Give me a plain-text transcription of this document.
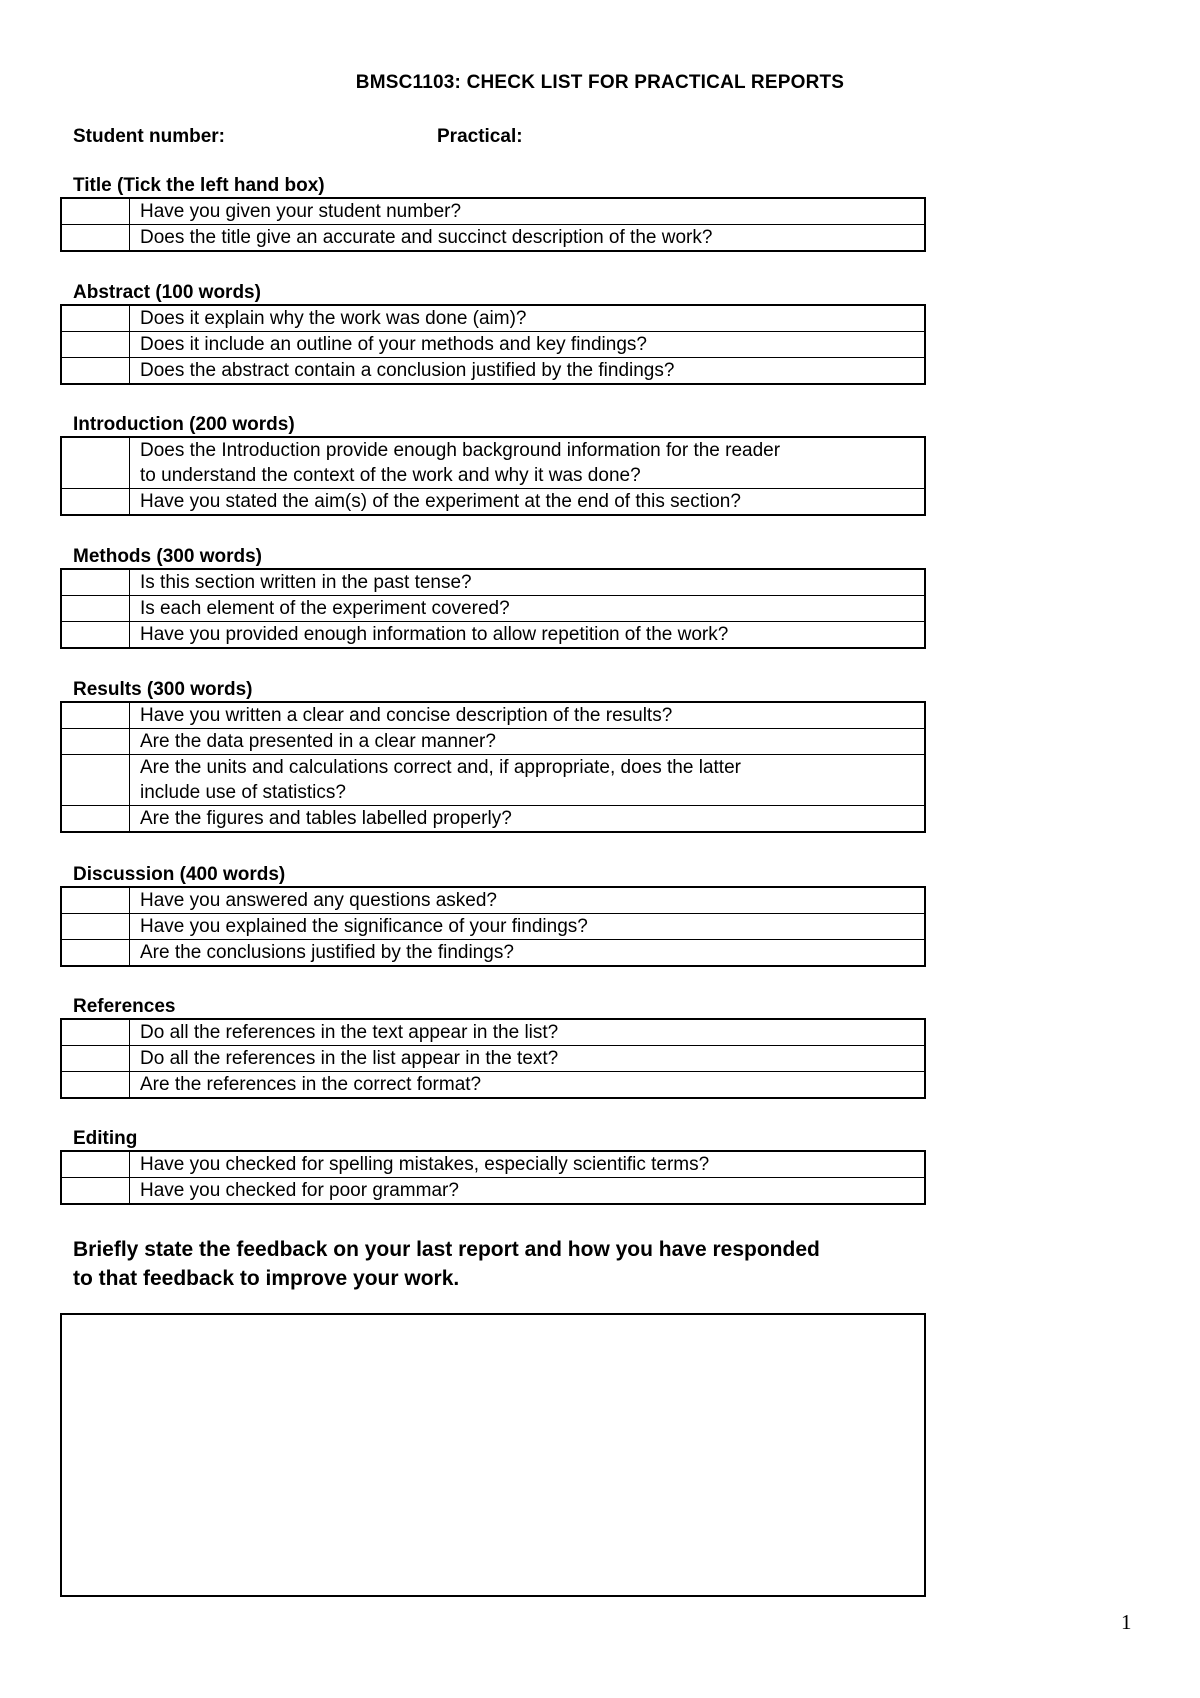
BMSC1103: CHECK LIST FOR PRACTICAL REPORTS
Student number:	Practical:
Title (Tick the left hand box)
Have you given your student number?
Does the title give an accurate and succinct description of the work?
Abstract (100 words)
Does it explain why the work was done (aim)?
Does it include an outline of your methods and key findings?
Does the abstract contain a conclusion justified by the findings?
Introduction (200 words)
Does the Introduction provide enough background information for the reader
to understand the context of the work and why it was done?
Have you stated the aim(s) of the experiment at the end of this section?
Methods (300 words)
Is this section written in the past tense?
Is each element of the experiment covered?
Have you provided enough information to allow repetition of the work?
Results (300 words)
Have you written a clear and concise description of the results?
Are the data presented in a clear manner?
Are the units and calculations correct and, if appropriate, does the latter
include use of statistics?
Are the figures and tables labelled properly?
Discussion (400 words)
Have you answered any questions asked?
Have you explained the significance of your findings?
Are the conclusions justified by the findings?
References
Do all the references in the text appear in the list?
Do all the references in the list appear in the text?
Are the references in the correct format?
Editing
Have you checked for spelling mistakes, especially scientific terms?
Have you checked for poor grammar?
Briefly state the feedback on your last report and how you have responded
to that feedback to improve your work.
1
